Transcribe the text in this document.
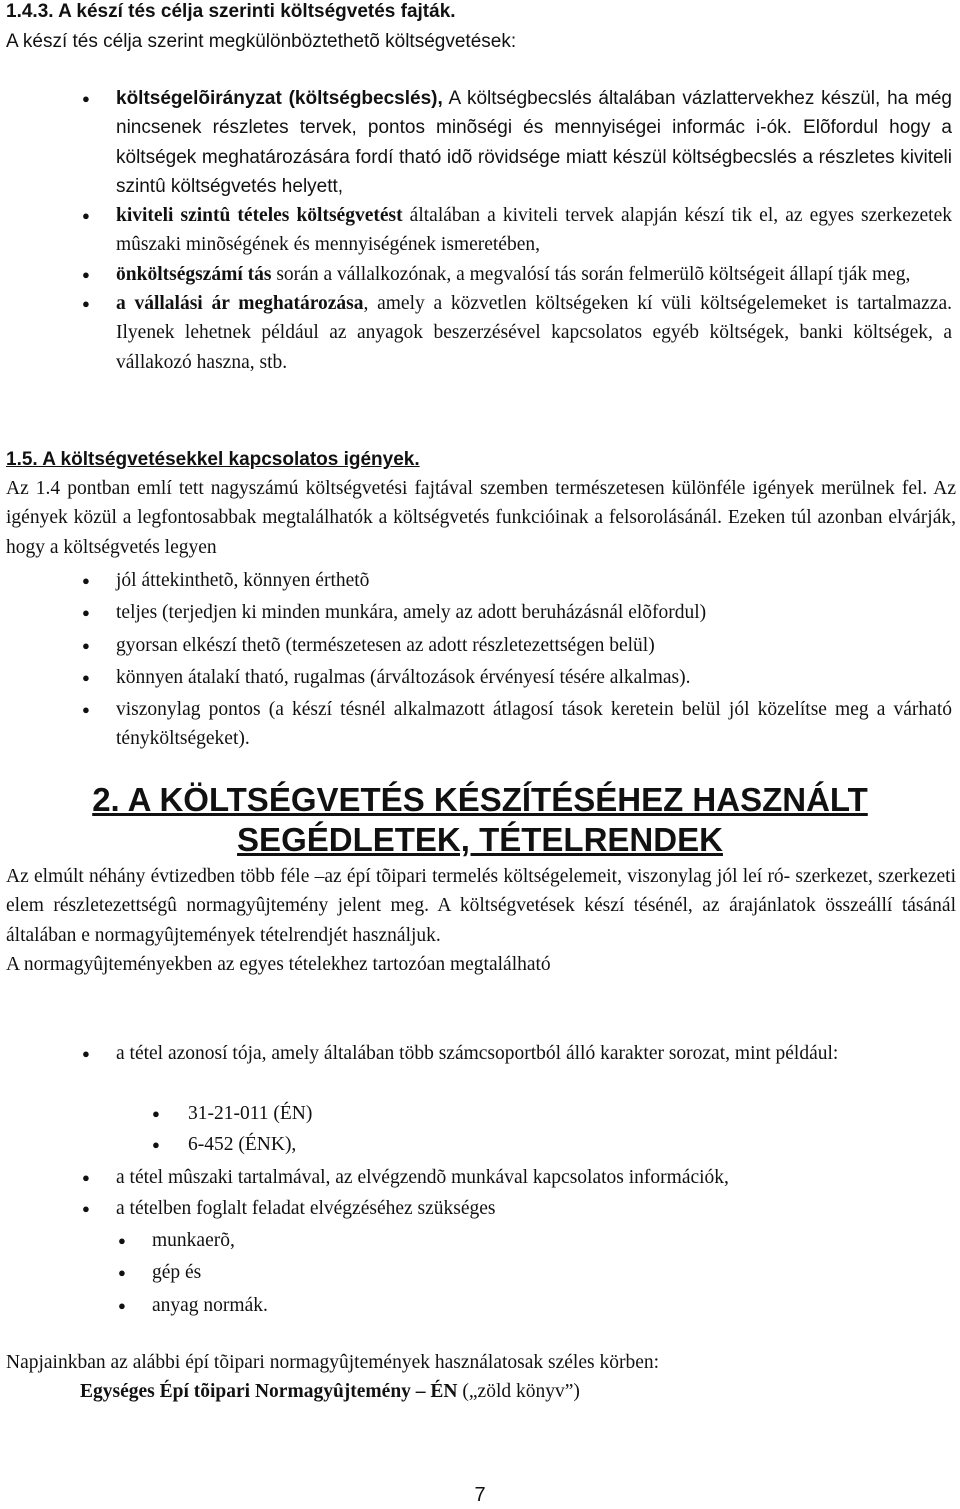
1.4.3. A készí tés célja szerinti költségvetés fajták.

A készí tés célja szerint megkülönböztethetõ költségvetések:

● költségelõirányzat (költségbecslés), A költségbecslés általában vázlattervekhez készül, ha még nincsenek részletes tervek, pontos minõségi és mennyiségei informác i-ók. Elõfordul hogy a költségek meghatározására fordí tható idõ rövidsége miatt készül költségbecslés a részletes kiviteli szintû költségvetés helyett,
● kiviteli szintû tételes költségvetést általában a kiviteli tervek alapján készí tik el, az egyes szerkezetek mûszaki minõségének és mennyiségének ismeretében,
● önköltségszámí tás során a vállalkozónak, a megvalósí tás során felmerülõ költségeit állapí tják meg,
● a vállalási ár meghatározása, amely a közvetlen költségeken kí vüli költségelemeket is tartalmazza. Ilyenek lehetnek például az anyagok beszerzésével kapcsolatos egyéb költségek, banki költségek, a vállakozó haszna, stb.

1.5. A költségvetésekkel kapcsolatos igények.

Az 1.4 pontban emlí tett nagyszámú költségvetési fajtával szemben természetesen különféle igények merülnek fel. Az igények közül a legfontosabbak megtalálhatók a költségvetés funkcióinak a felsorolásánál. Ezeken túl azonban elvárják, hogy a költségvetés legyen

● jól áttekinthetõ, könnyen érthetõ
● teljes (terjedjen ki minden munkára, amely az adott beruházásnál elõfordul)
● gyorsan elkészí thetõ (természetesen az adott részletezettségen belül)
● könnyen átalakí tható, rugalmas (árváltozások érvényesí tésére alkalmas).
● viszonylag pontos (a készí tésnél alkalmazott átlagosí tások keretein belül jól közelítse meg a várható tényköltségeket).

2. A KÖLTSÉGVETÉS KÉSZÍTÉSÉHEZ HASZNÁLT

SEGÉDLETEK, TÉTELRENDEK

Az elmúlt néhány évtizedben több féle –az épí tõipari termelés költségelemeit, viszonylag jól leí ró- szerkezet, szerkezeti elem részletezettségû normagyûjtemény jelent meg. A költségvetések készí tésénél, az árajánlatok összeállí tásánál általában e normagyûjtemények tételrendjét használjuk.

A normagyûjteményekben az egyes tételekhez tartozóan megtalálható

● a tétel azonosí tója, amely általában több számcsoportból álló karakter sorozat, mint például:
● 31-21-011 (ÉN)
● 6-452 (ÉNK),
● a tétel mûszaki tartalmával, az elvégzendõ munkával kapcsolatos információk,
● a tételben foglalt feladat elvégzéséhez szükséges
● munkaerõ,
● gép és
● anyag normák.

Napjainkban az alábbi épí tõipari normagyûjtemények használatosak széles körben:

Egységes Épí tõipari Normagyûjtemény – ÉN („zöld könyv”)

7
